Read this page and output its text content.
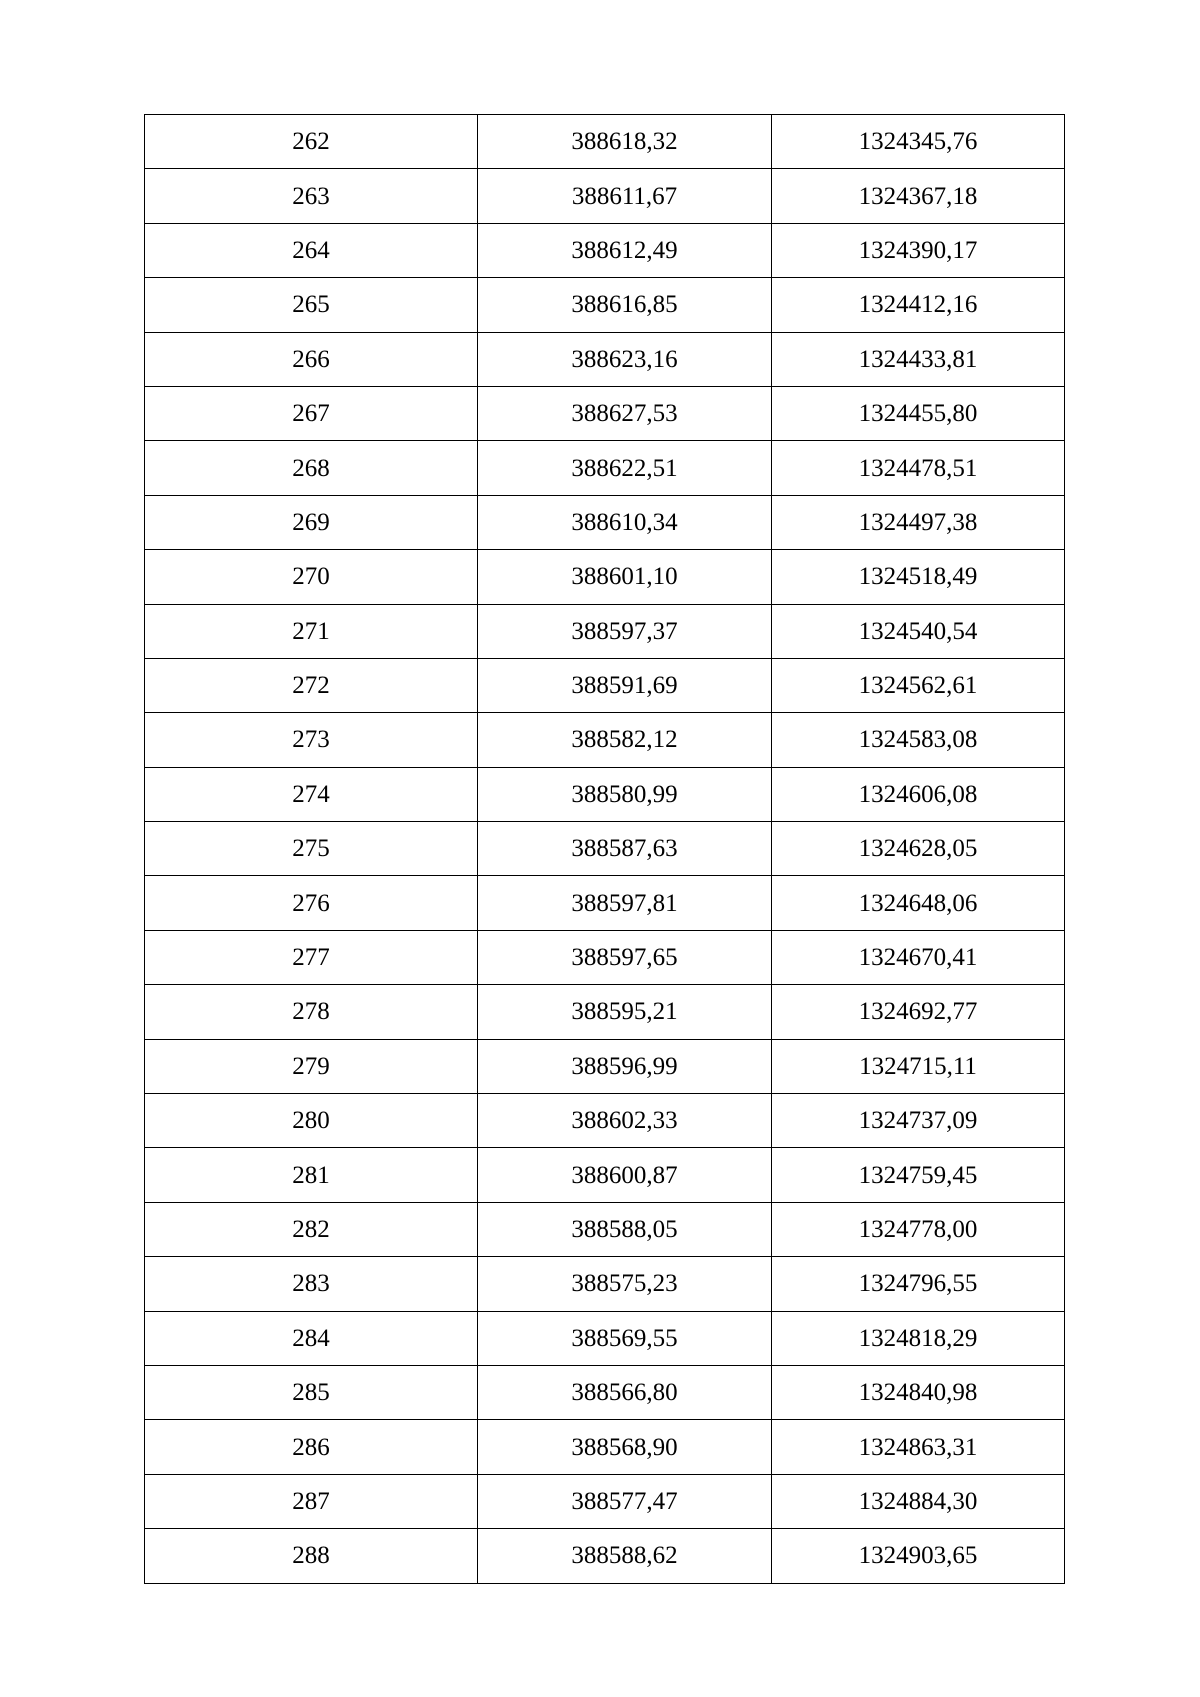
262	388618,32	1324345,76
263	388611,67	1324367,18
264	388612,49	1324390,17
265	388616,85	1324412,16
266	388623,16	1324433,81
267	388627,53	1324455,80
268	388622,51	1324478,51
269	388610,34	1324497,38
270	388601,10	1324518,49
271	388597,37	1324540,54
272	388591,69	1324562,61
273	388582,12	1324583,08
274	388580,99	1324606,08
275	388587,63	1324628,05
276	388597,81	1324648,06
277	388597,65	1324670,41
278	388595,21	1324692,77
279	388596,99	1324715,11
280	388602,33	1324737,09
281	388600,87	1324759,45
282	388588,05	1324778,00
283	388575,23	1324796,55
284	388569,55	1324818,29
285	388566,80	1324840,98
286	388568,90	1324863,31
287	388577,47	1324884,30
288	388588,62	1324903,65
